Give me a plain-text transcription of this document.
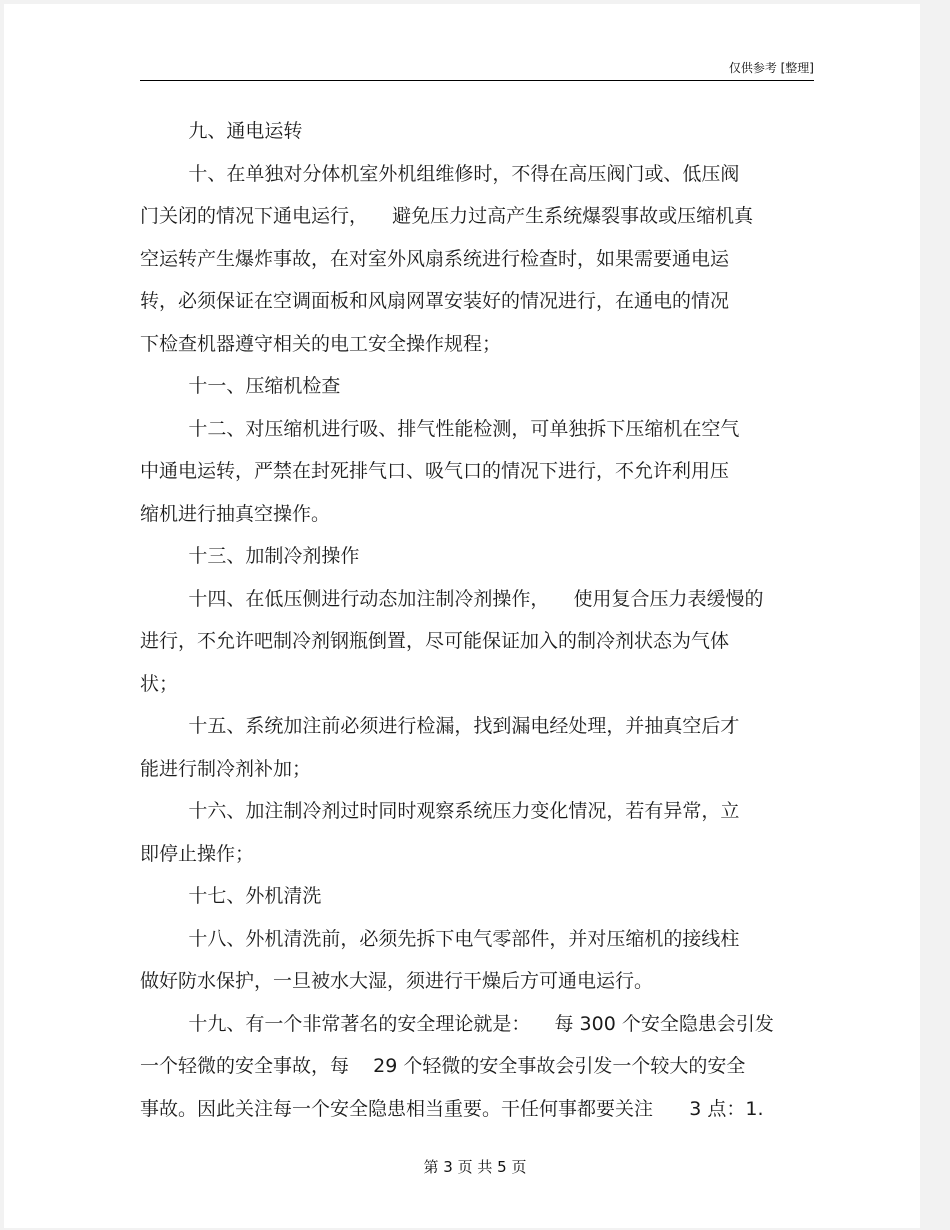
仅供参考 [整理]

九、通电运转

十、在单独对分体机室外机组维修时，不得在高压阀门或、低压阀

门关闭的情况下通电运行，    避免压力过高产生系统爆裂事故或压缩机真

空运转产生爆炸事故，在对室外风扇系统进行检查时，如果需要通电运

转，必须保证在空调面板和风扇网罩安装好的情况进行，在通电的情况

下检查机器遵守相关的电工安全操作规程；

十一、压缩机检查

十二、对压缩机进行吸、排气性能检测，可单独拆下压缩机在空气

中通电运转，严禁在封死排气口、吸气口的情况下进行，不允许利用压

缩机进行抽真空操作。

十三、加制冷剂操作

十四、在低压侧进行动态加注制冷剂操作，    使用复合压力表缓慢的

进行，不允许吧制冷剂钢瓶倒置，尽可能保证加入的制冷剂状态为气体

状；

十五、系统加注前必须进行检漏，找到漏电经处理，并抽真空后才

能进行制冷剂补加；

十六、加注制冷剂过时同时观察系统压力变化情况，若有异常，立

即停止操作；

十七、外机清洗

十八、外机清洗前，必须先拆下电气零部件，并对压缩机的接线柱

做好防水保护，一旦被水大湿，须进行干燥后方可通电运行。

十九、有一个非常著名的安全理论就是：    每 300 个安全隐患会引发

一个轻微的安全事故，每    29 个轻微的安全事故会引发一个较大的安全

事故。因此关注每一个安全隐患相当重要。干任何事都要关注      3 点：1.

第 3 页 共 5 页
